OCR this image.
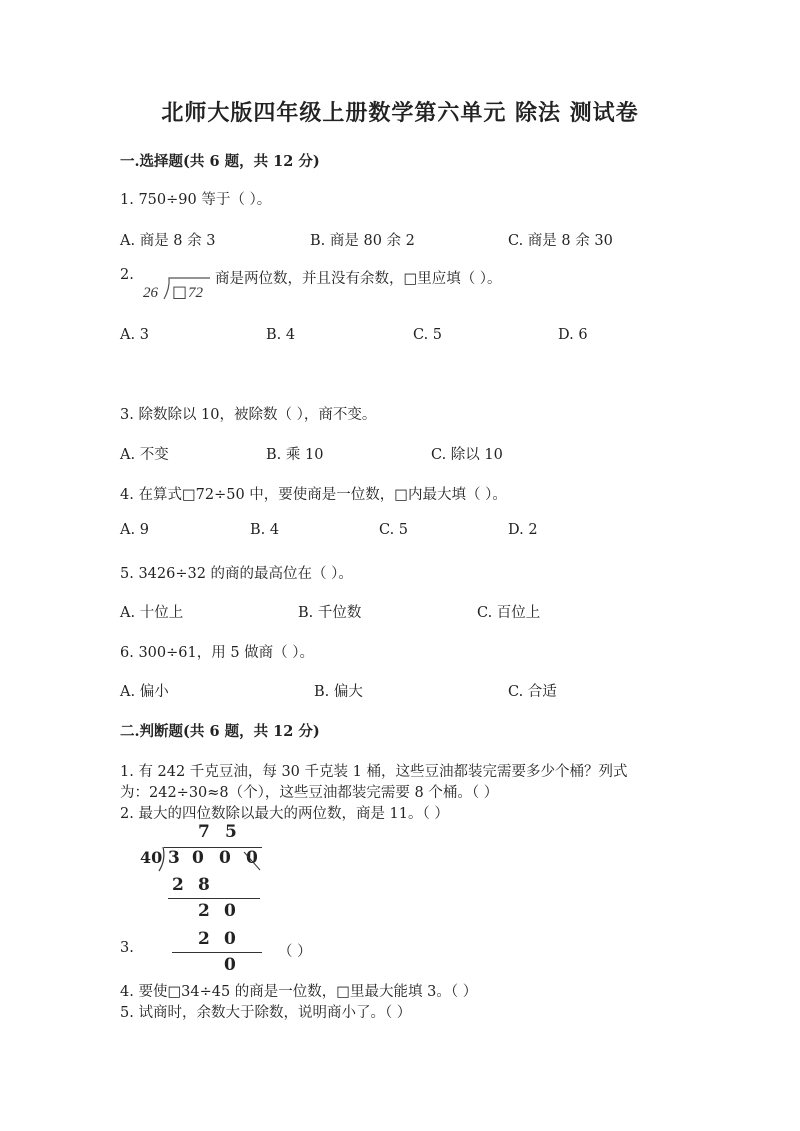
北师大版四年级上册数学第六单元 除法 测试卷
一.选择题(共 6 题，共 12 分)
1. 750÷90 等于（ ）。
A. 商是 8 余 3	B. 商是 80 余 2	C. 商是 8 余 30
2.
26 □ 72
商是两位数，并且没有余数，□里应填（ ）。
A. 3	B. 4	C. 5	D. 6
3. 除数除以 10，被除数（ ），商不变。
A. 不变	B. 乘 10	C. 除以 10
4. 在算式□72÷50 中，要使商是一位数，□内最大填（ ）。
A. 9	B. 4	C. 5	D. 2
5. 3426÷32 的商的最高位在（ ）。
A. 十位上	B. 千位数	C. 百位上
6. 300÷61，用 5 做商（ ）。
A. 偏小	B. 偏大	C. 合适
二.判断题(共 6 题，共 12 分)
1. 有 242 千克豆油，每 30 千克装 1 桶，这些豆油都装完需要多少个桶？列式
为：242÷30≈8（个），这些豆油都装完需要 8 个桶。（ ）
2. 最大的四位数除以最大的两位数，商是 11。（ ）
7 5
40 3 0 0 0
2 8
2 0
2 0
0
3.	（ ）
4. 要使□34÷45 的商是一位数，□里最大能填 3。（ ）
5. 试商时，余数大于除数，说明商小了。（ ）
